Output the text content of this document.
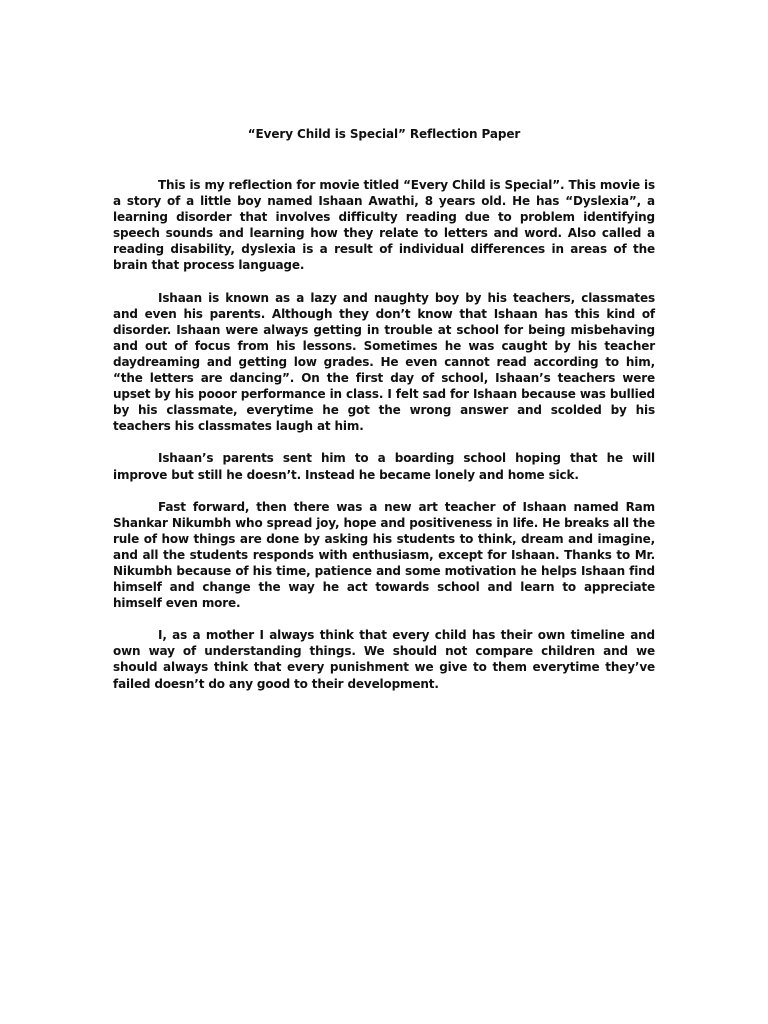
“Every Child is Special” Reflection Paper

This is my reflection for movie titled “Every Child is Special”. This movie is a story of a little boy named Ishaan Awathi, 8 years old. He has “Dyslexia”, a learning disorder that involves difficulty reading due to problem identifying speech sounds and learning how they relate to letters and word. Also called a reading disability, dyslexia is a result of individual differences in areas of the brain that process language.

Ishaan is known as a lazy and naughty boy by his teachers, classmates and even his parents. Although they don’t know that Ishaan has this kind of disorder. Ishaan were always getting in trouble at school for being misbehaving and out of focus from his lessons. Sometimes he was caught by his teacher daydreaming and getting low grades. He even cannot read according to him, “the letters are dancing”. On the first day of school, Ishaan’s teachers were upset by his pooor performance in class. I felt sad for Ishaan because was bullied by his classmate, everytime he got the wrong answer and scolded by his teachers his classmates laugh at him.

Ishaan’s parents sent him to a boarding school hoping that he will improve but still he doesn’t. Instead he became lonely and home sick.

Fast forward, then there was a new art teacher of Ishaan named Ram Shankar Nikumbh who spread joy, hope and positiveness in life. He breaks all the rule of how things are done by asking his students to think, dream and imagine, and all the students responds with enthusiasm, except for Ishaan. Thanks to Mr. Nikumbh because of his time, patience and some motivation he helps Ishaan find himself and change the way he act towards school and learn to appreciate himself even more.

I, as a mother I always think that every child has their own timeline and own way of understanding things. We should not compare children and we should always think that every punishment we give to them everytime they’ve failed doesn’t do any good to their development.
